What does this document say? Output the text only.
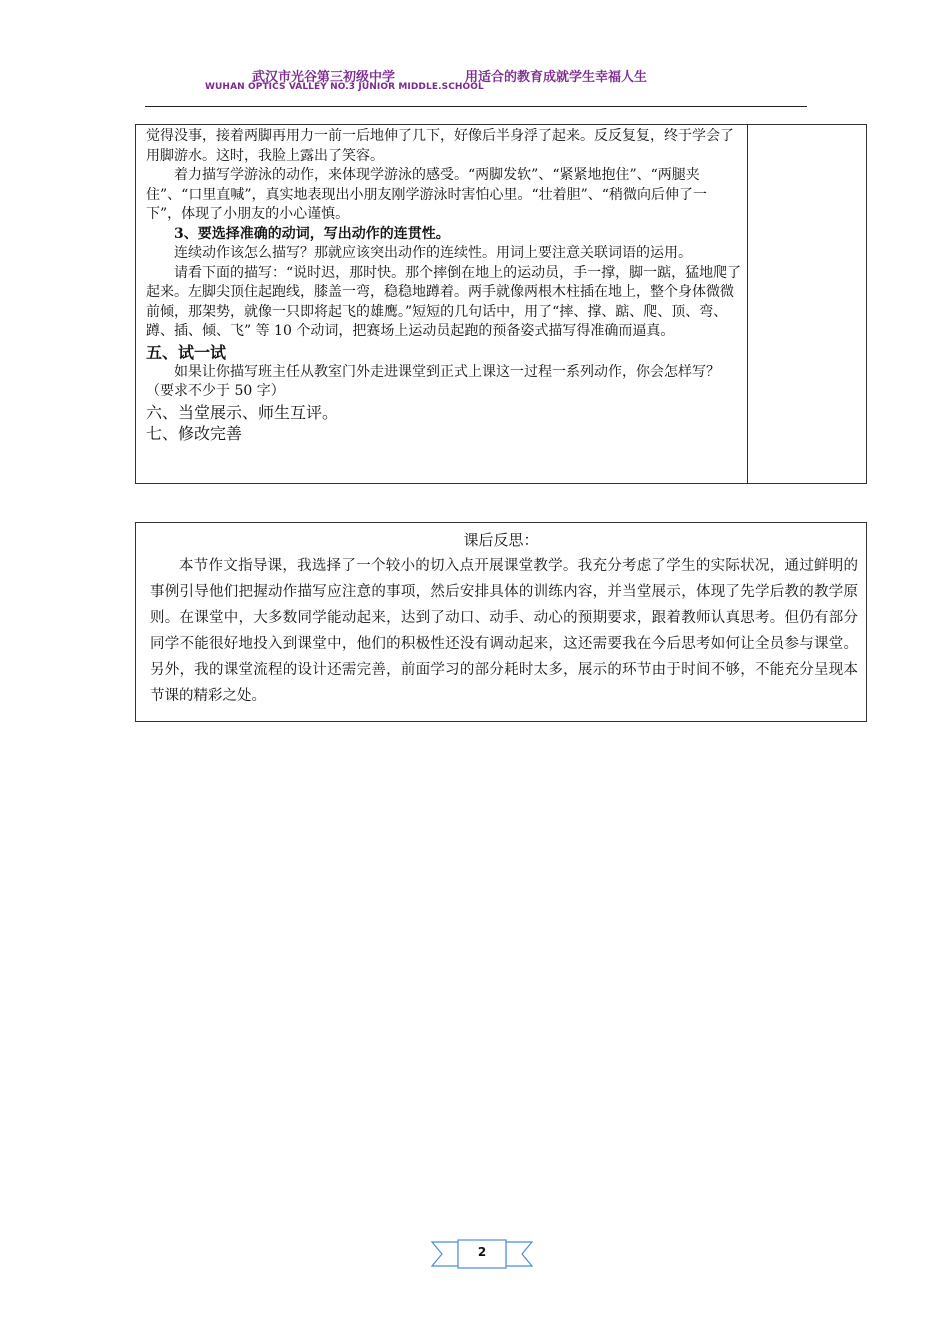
武汉市光谷第三初级中学	用适合的教育成就学生幸福人生
WUHAN OPTICS VALLEY NO.3 JUNIOR MIDDLE.SCHOOL

觉得没事，接着两脚再用力一前一后地伸了几下，好像后半身浮了起来。反反复复，终于学会了用脚游水。这时，我脸上露出了笑容。

着力描写学游泳的动作，来体现学游泳的感受。“两脚发软”、“紧紧地抱住”、“两腿夹住”、“口里直喊”，真实地表现出小朋友刚学游泳时害怕心里。“壮着胆”、“稍微向后伸了一下”，体现了小朋友的小心谨慎。

3、要选择准确的动词，写出动作的连贯性。

连续动作该怎么描写？那就应该突出动作的连续性。用词上要注意关联词语的运用。

请看下面的描写：“说时迟，那时快。那个摔倒在地上的运动员，手一撑，脚一踮，猛地爬了起来。左脚尖顶住起跑线，膝盖一弯，稳稳地蹲着。两手就像两根木柱插在地上，整个身体微微前倾，那架势，就像一只即将起飞的雄鹰。”短短的几句话中，用了“摔、撑、踮、爬、顶、弯、蹲、插、倾、飞” 等 10 个动词，把赛场上运动员起跑的预备姿式描写得准确而逼真。

五、试一试

如果让你描写班主任从教室门外走进课堂到正式上课这一过程一系列动作，你会怎样写？（要求不少于 50 字）

六、当堂展示、师生互评。

七、修改完善

课后反思：
本节作文指导课，我选择了一个较小的切入点开展课堂教学。我充分考虑了学生的实际状况，通过鲜明的事例引导他们把握动作描写应注意的事项，然后安排具体的训练内容，并当堂展示，体现了先学后教的教学原则。在课堂中，大多数同学能动起来，达到了动口、动手、动心的预期要求，跟着教师认真思考。但仍有部分同学不能很好地投入到课堂中，他们的积极性还没有调动起来，这还需要我在今后思考如何让全员参与课堂。另外，我的课堂流程的设计还需完善，前面学习的部分耗时太多，展示的环节由于时间不够，不能充分呈现本节课的精彩之处。
2
